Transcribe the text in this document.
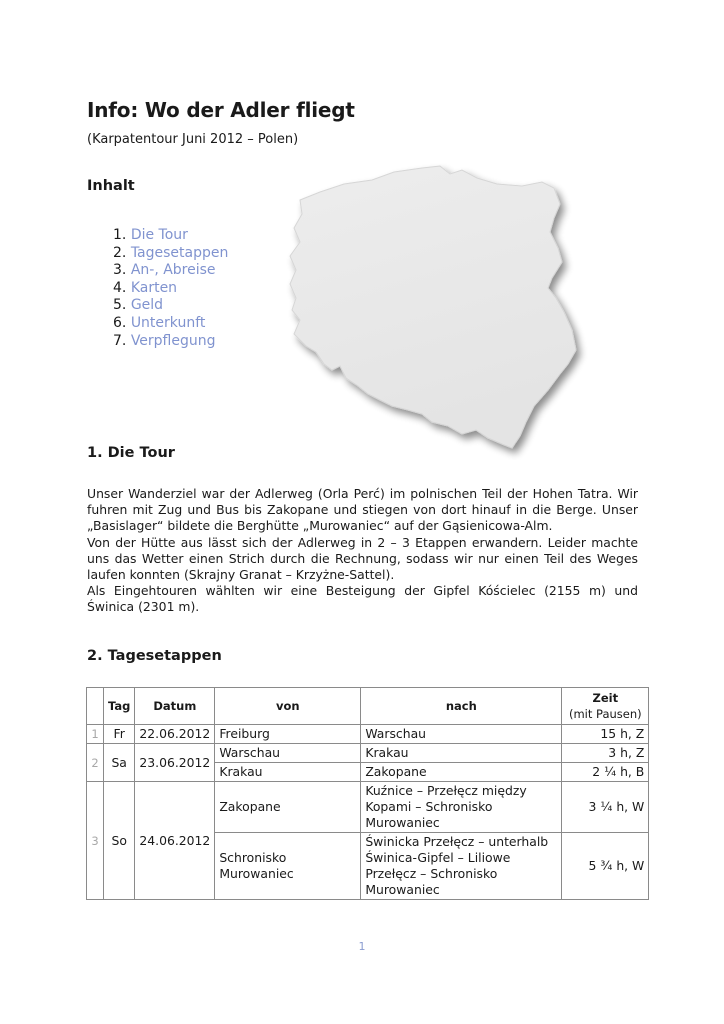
Info: Wo der Adler fliegt
(Karpatentour Juni 2012 – Polen)
Inhalt
1. Die Tour
2. Tagesetappen
3. An-, Abreise
4. Karten
5. Geld
6. Unterkunft
7. Verpflegung
1. Die Tour

Unser Wanderziel war der Adlerweg (Orla Perć) im polnischen Teil der Hohen Tatra. Wir fuhren mit Zug und Bus bis Zakopane und stiegen von dort hinauf in die Berge. Unser „Basislager“ bildete die Berghütte „Murowaniec“ auf der Gąsienicowa-Alm.

Von der Hütte aus lässt sich der Adlerweg in 2 – 3 Etappen erwandern. Leider machte uns das Wetter einen Strich durch die Rechnung, sodass wir nur einen Teil des Weges laufen konnten (Skrajny Granat – Krzyżne-Sattel).

Als Eingehtouren wählten wir eine Besteigung der Gipfel Kóścielec (2155 m) und Świnica (2301 m).

2. Tagesetappen
	Tag	Datum	von	nach	Zeit
(mit Pausen)

1	Fr	22.06.2012	Freiburg	Warschau	15 h, Z
2	Sa	23.06.2012	Warschau	Krakau	3 h, Z
			Krakau	Zakopane	2 ¼ h, B
3	So	24.06.2012	Zakopane	Kuźnice – Przełęcz między Kopami – Schronisko Murowaniec	3 ¼ h, W
			Schronisko Murowaniec	Świnicka Przełęcz – unterhalb Świnica-Gipfel – Liliowe Przełęcz – Schronisko Murowaniec	5 ¾ h, W
1
